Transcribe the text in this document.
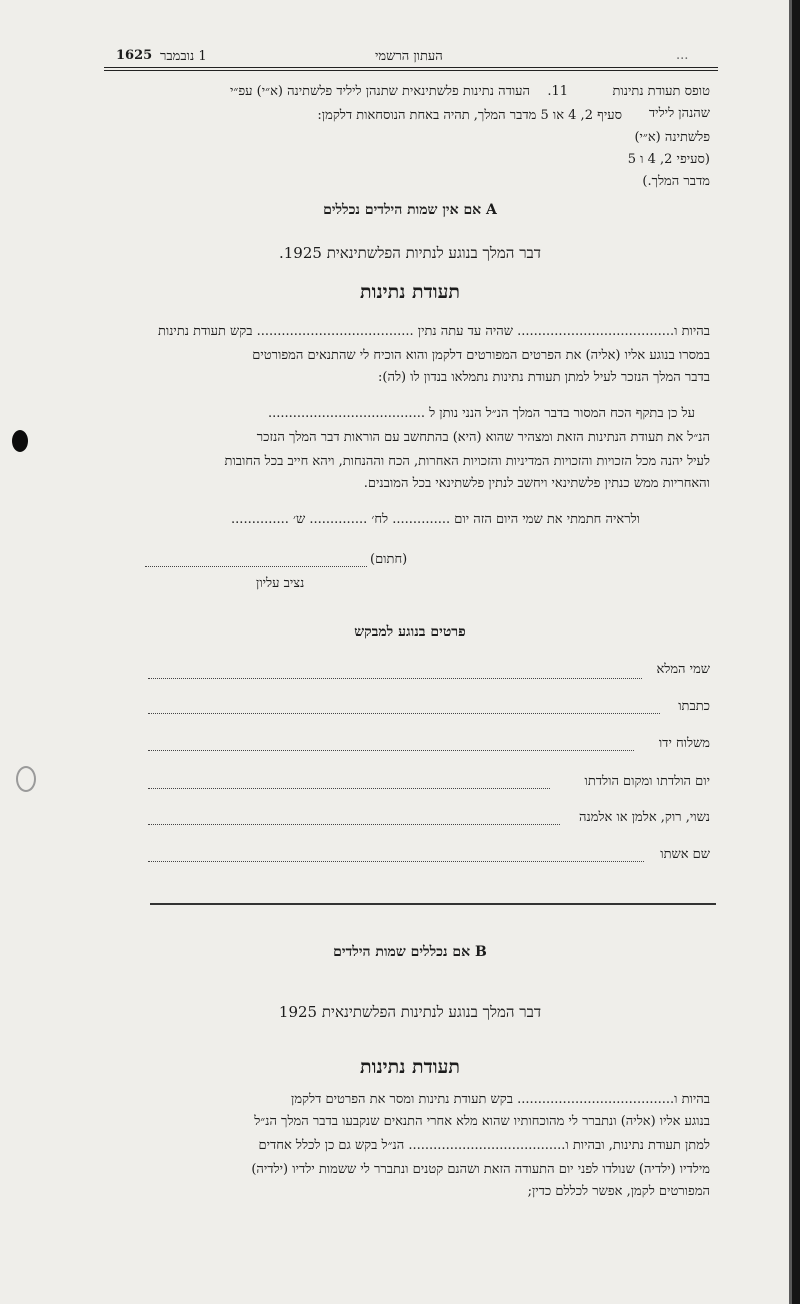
1625 1 נובמבר	העתון הרשמי	...
טופס תעודת נתינות
שהנהן ליליד
פלשתינה (א״י)
(סעיפי 2, 4 ו 5
מדבר המלך.)
11.
העודה נתינות פלשתינאית שתנהן ליליד פלשתינה (א״י) עפ״י
סעיף 2, 4 או 5 מדבר המלך, תהיה באחת הנוסחאות דלקמן:
A אם אין שמות הילדים נכללים
דבר המלך בנוגע לנתיות הפלשתינאית 1925.
תעודת נתינות
בהיות ו...................................... שהיה עד עתה נתין ...................................... בקש תעודת נתינות
במסרו בנוגע אליו (אליה) את הפרטים המפורטים דלקמן והוא הוכיח לי שהתנאים המפורטים
בדבר המלך הנזכר לעיל למתן תעודת נתינות נתמלאו בנדון לו (לה):
על כן בתקף הכח המסור בדבר המלך הנ״ל הנני נותן ל ......................................
הנ״ל את תעודת הנתינות הזאת ומצהיר שהוא (היא) בהתחשב עם הוראות דבר המלך הנזכר
לעיל יהנה מכל הזכויות והזכויות המדיניות והזכויות האחרות, הכח וההנחות, ויהא חייב בכל החובות
והאחריות ממש כנתין פלשתינאי ויחשב לנתין פלשתינאי בכל המובנים.
ולראיה חתמתי את שמי היום הזה יום .............. לח׳ .............. ש׳ ..............
(חתום)
נציב עליון
פרטים בנוגע למבקש
שמי המלא
כתבתו
משלוח ידו
יום הולדתו ומקום הולדתו
נשוי, רוק, אלמן או אלמנה
שם אשתו
B אם נכללים שמות הילדים
דבר המלך בנוגע לנתינות הפלשתינאית 1925
תעודת נתינות
בהיות ו...................................... בקש תעודת נתינות ומסר את הפרטים דלקמן
בנוגע אליו (אליה) ונתברר לי מהוכחותיו שהוא מלא אחרי התנאים שנקבעו בדבר המלך הנ״ל
למתן תעודת נתינות, ובהיות ו...................................... הנ״ל בקש גם כן לכלל אחדים
מילדיו (ילדיה) שנולדו לפני יום התעודה הזאת ושהנם קטנים ונתברר לי ששמות ילדיו (ילדיה)
המפורטים לקמן, אפשר לכללם כדין;
